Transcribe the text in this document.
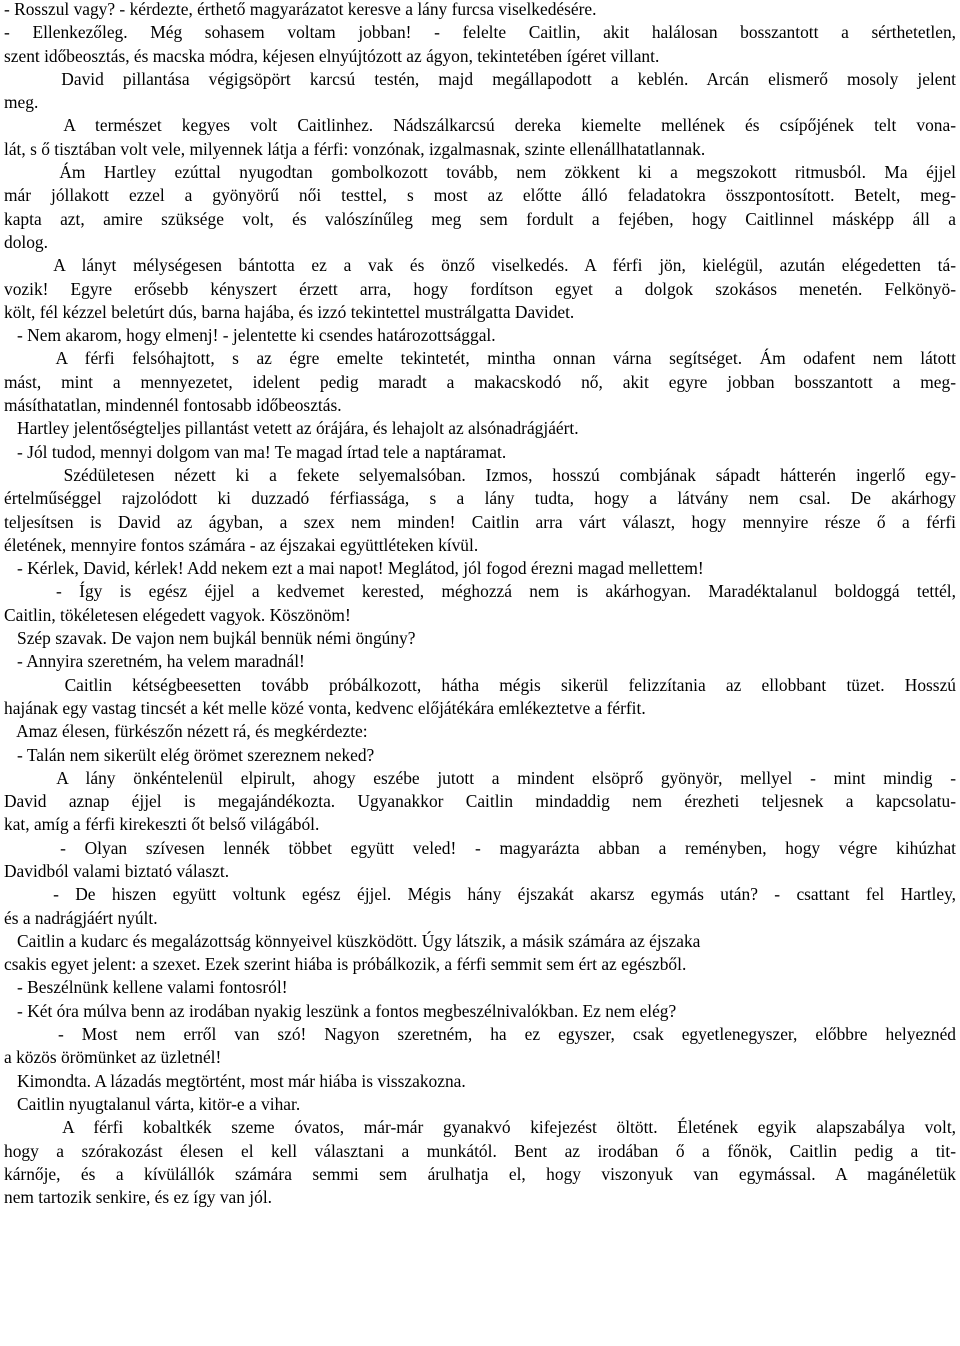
- Rosszul vagy? - kérdezte, érthető magyarázatot keresve a lány furcsa viselkedésére.
- Ellenkezőleg. Még sohasem voltam jobban! - felelte Caitlin, akit halálosan bosszantott a sérthetetlen,
szent időbeosztás, és macska módra, kéjesen elnyújtózott az ágyon, tekintetében ígéret villant.
David pillantása végigsöpört karcsú testén, majd megállapodott a keblén. Arcán elismerő mosoly jelent
meg.
A természet kegyes volt Caitlinhez. Nádszálkarcsú dereka kiemelte mellének és csípőjének telt vona-
lát, s ő tisztában volt vele, milyennek látja a férfi: vonzónak, izgalmasnak, szinte ellenállhatatlannak.
Ám Hartley ezúttal nyugodtan gombolkozott tovább, nem zökkent ki a megszokott ritmusból. Ma éjjel
már jóllakott ezzel a gyönyörű női testtel, s most az előtte álló feladatokra összpontosított. Betelt, meg-
kapta azt, amire szüksége volt, és valószínűleg meg sem fordult a fejében, hogy Caitlinnel másképp áll a
dolog.
A lányt mélységesen bántotta ez a vak és önző viselkedés. A férfi jön, kielégül, azután elégedetten tá-
vozik! Egyre erősebb kényszert érzett arra, hogy fordítson egyet a dolgok szokásos menetén. Felkönyö-
költ, fél kézzel beletúrt dús, barna hajába, és izzó tekintettel mustrálgatta Davidet.
- Nem akarom, hogy elmenj! - jelentette ki csendes határozottsággal.
A férfi felsóhajtott, s az égre emelte tekintetét, mintha onnan várna segítséget. Ám odafent nem látott
mást, mint a mennyezetet, idelent pedig maradt a makacskodó nő, akit egyre jobban bosszantott a meg-
másíthatatlan, mindennél fontosabb időbeosztás.
Hartley jelentőségteljes pillantást vetett az órájára, és lehajolt az alsónadrágjáért.
- Jól tudod, mennyi dolgom van ma! Te magad írtad tele a naptáramat.
Szédületesen nézett ki a fekete selyemalsóban. Izmos, hosszú combjának sápadt hátterén ingerlő egy-
értelműséggel rajzolódott ki duzzadó férfiassága, s a lány tudta, hogy a látvány nem csal. De akárhogy
teljesítsen is David az ágyban, a szex nem minden! Caitlin arra várt választ, hogy mennyire része ő a férfi
életének, mennyire fontos számára - az éjszakai együttléteken kívül.
- Kérlek, David, kérlek! Add nekem ezt a mai napot! Meglátod, jól fogod érezni magad mellettem!
- Így is egész éjjel a kedvemet kerested, méghozzá nem is akárhogyan. Maradéktalanul boldoggá tettél,
Caitlin, tökéletesen elégedett vagyok. Köszönöm!
Szép szavak. De vajon nem bujkál bennük némi öngúny?
- Annyira szeretném, ha velem maradnál!
Caitlin kétségbeesetten tovább próbálkozott, hátha mégis sikerül felizzítania az ellobbant tüzet. Hosszú
hajának egy vastag tincsét a két melle közé vonta, kedvenc előjátékára emlékeztetve a férfit.
Amaz élesen, fürkészőn nézett rá, és megkérdezte:
- Talán nem sikerült elég örömet szereznem neked?
A lány önkéntelenül elpirult, ahogy eszébe jutott a mindent elsöprő gyönyör, mellyel - mint mindig -
David aznap éjjel is megajándékozta. Ugyanakkor Caitlin mindaddig nem érezheti teljesnek a kapcsolatu-
kat, amíg a férfi kirekeszti őt belső világából.
- Olyan szívesen lennék többet együtt veled! - magyarázta abban a reményben, hogy végre kihúzhat
Davidból valami biztató választ.
- De hiszen együtt voltunk egész éjjel. Mégis hány éjszakát akarsz egymás után? - csattant fel Hartley,
és a nadrágjáért nyúlt.
Caitlin a kudarc és megalázottság könnyeivel küszködött. Úgy látszik, a másik számára az éjszaka
csakis egyet jelent: a szexet. Ezek szerint hiába is próbálkozik, a férfi semmit sem ért az egészből.
- Beszélnünk kellene valami fontosról!
- Két óra múlva benn az irodában nyakig leszünk a fontos megbeszélnivalókban. Ez nem elég?
- Most nem erről van szó! Nagyon szeretném, ha ez egyszer, csak egyetlenegyszer, előbbre helyeznéd
a közös örömünket az üzletnél!
Kimondta. A lázadás megtörtént, most már hiába is visszakozna.
Caitlin nyugtalanul várta, kitör-e a vihar.
A férfi kobaltkék szeme óvatos, már-már gyanakvó kifejezést öltött. Életének egyik alapszabálya volt,
hogy a szórakozást élesen el kell választani a munkától. Bent az irodában ő a főnök, Caitlin pedig a tit-
kárnője, és a kívülállók számára semmi sem árulhatja el, hogy viszonyuk van egymással. A magánéletük
nem tartozik senkire, és ez így van jól.
